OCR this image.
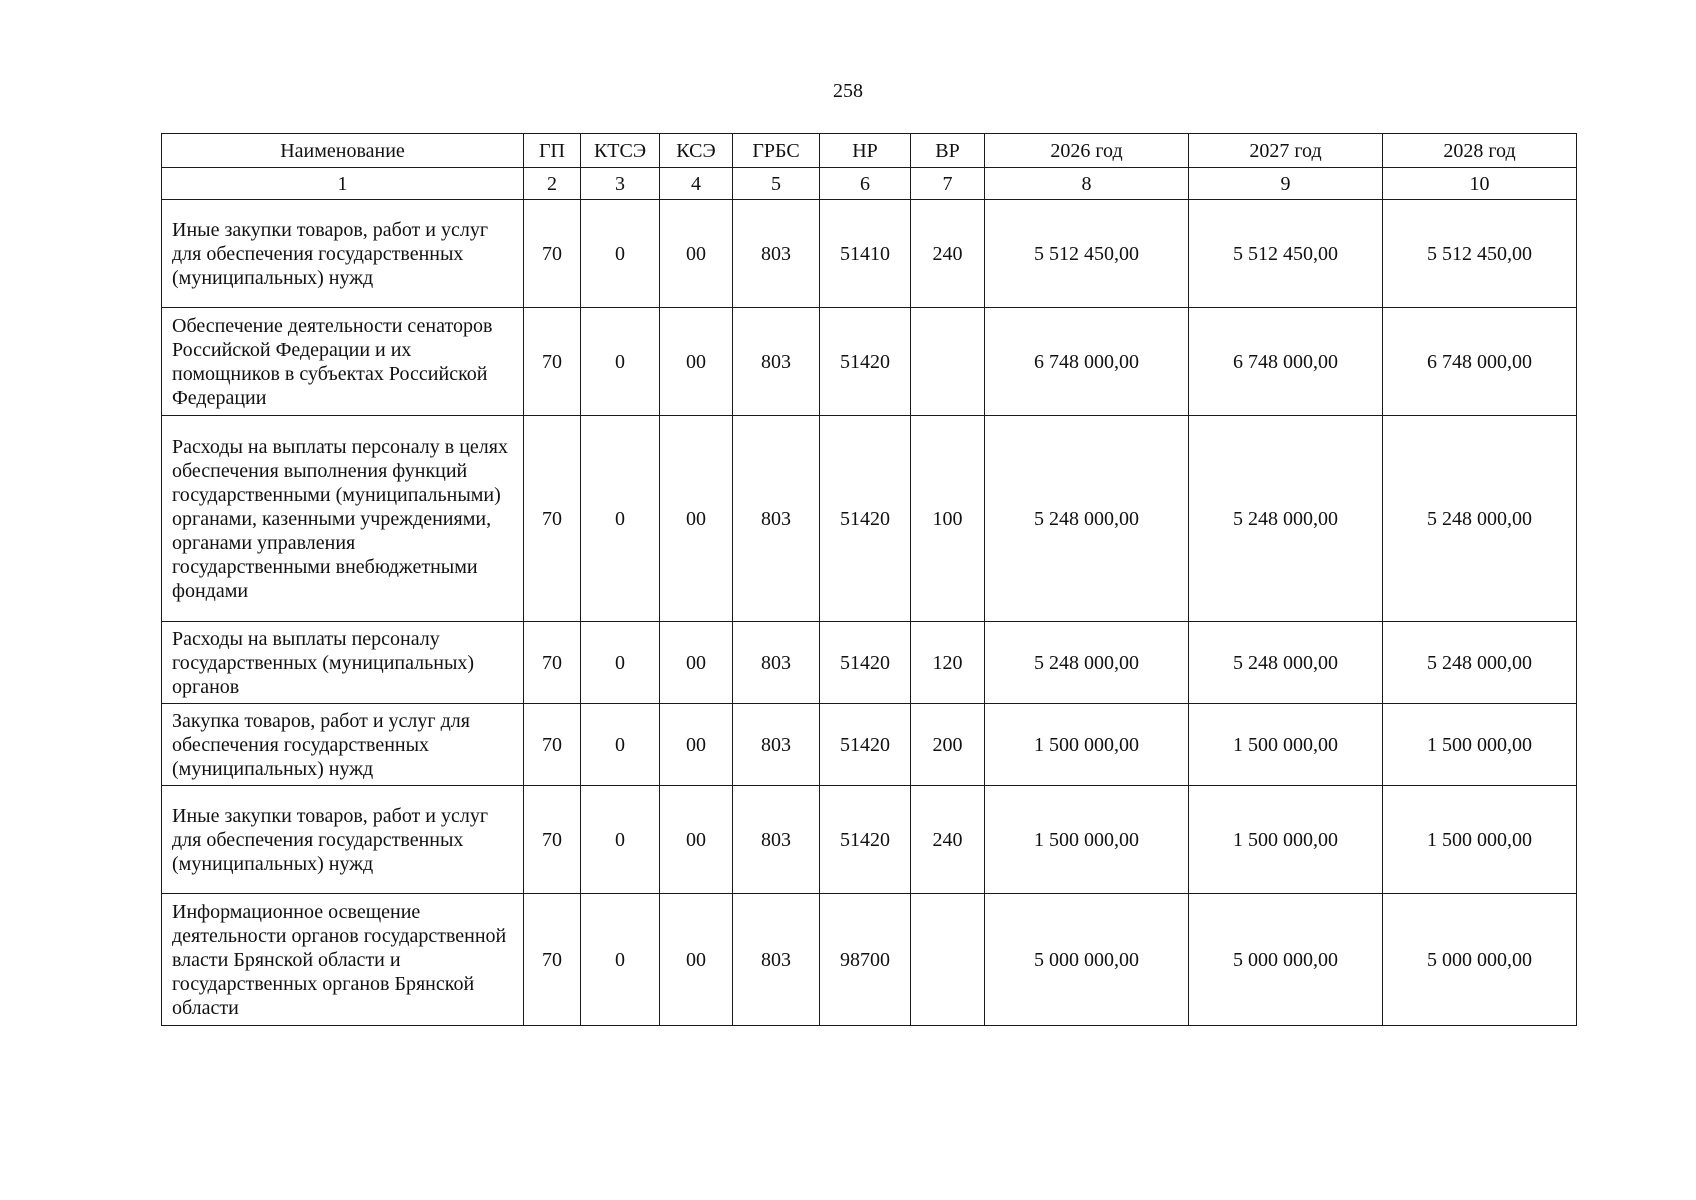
258
Наименование	ГП	КТСЭ	КСЭ	ГРБС	НР	ВР	2026 год	2027 год	2028 год
1	2	3	4	5	6	7	8	9	10
Иные закупки товаров, работ и услуг для обеспечения государственных (муниципальных) нужд	70	0	00	803	51410	240	5 512 450,00	5 512 450,00	5 512 450,00
Обеспечение деятельности сенаторов Российской Федерации и их помощников в субъектах Российской Федерации	70	0	00	803	51420		6 748 000,00	6 748 000,00	6 748 000,00
Расходы на выплаты персоналу в целях обеспечения выполнения функций государственными (муниципальными) органами, казенными учреждениями, органами управления государственными внебюджетными фондами	70	0	00	803	51420	100	5 248 000,00	5 248 000,00	5 248 000,00
Расходы на выплаты персоналу государственных (муниципальных) органов	70	0	00	803	51420	120	5 248 000,00	5 248 000,00	5 248 000,00
Закупка товаров, работ и услуг для обеспечения государственных (муниципальных) нужд	70	0	00	803	51420	200	1 500 000,00	1 500 000,00	1 500 000,00
Иные закупки товаров, работ и услуг для обеспечения государственных (муниципальных) нужд	70	0	00	803	51420	240	1 500 000,00	1 500 000,00	1 500 000,00
Информационное освещение деятельности органов государственной власти Брянской области и государственных органов Брянской области	70	0	00	803	98700		5 000 000,00	5 000 000,00	5 000 000,00
